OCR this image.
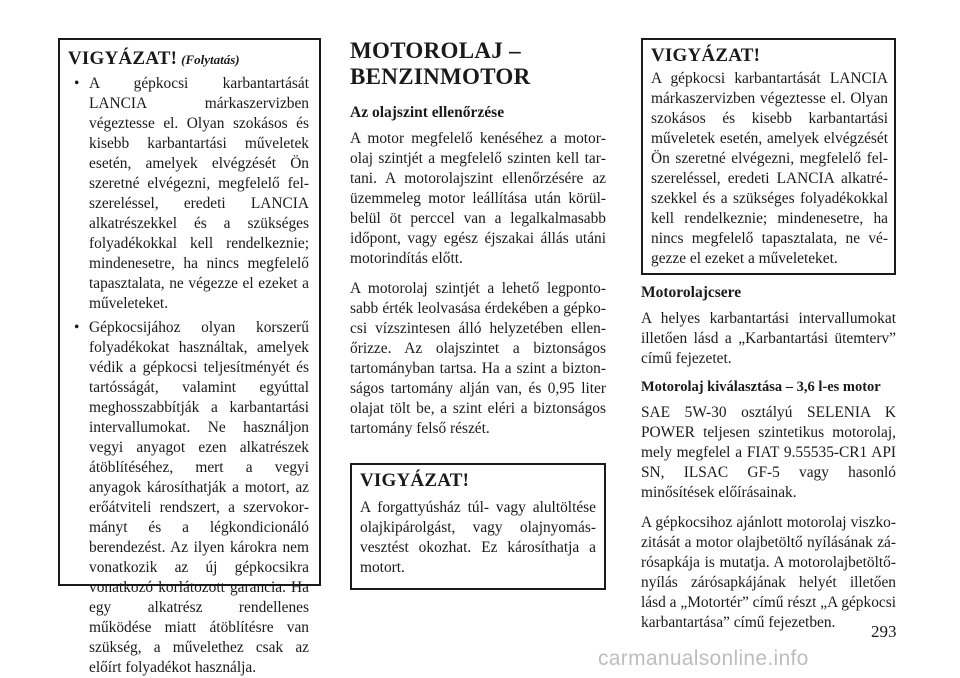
VIGYÁZAT! (Folytatás)
• A gépkocsi karbantartását LANCIA márkaszervizben végeztesse el. Olyan szokásos és kisebb karbantartási műveletek esetén, amelyek elvégzését Ön szeretné elvégezni, megfelelő felszereléssel, eredeti LANCIA alkatrészekkel és a szükséges folyadékokkal kell rendelkeznie; mindenesetre, ha nincs megfelelő tapasztalata, ne végezze el ezeket a műveleteket.
• Gépkocsijához olyan korszerű folyadékokat használtak, amelyek védik a gépkocsi teljesítményét és tartósságát, valamint egyúttal meghosszabbítják a karbantartási intervallumokat. Ne használjon vegyi anyagot ezen alkatrészek átöblítéséhez, mert a vegyi anyagok károsíthatják a motort, az erőátviteli rendszert, a szervokormányt és a légkondicionáló berendezést. Az ilyen károkra nem vonatkozik az új gépkocsikra vonatkozó korlátozott garancia. Ha egy alkatrész rendellenes működése miatt átöblítésre van szükség, a művelethez csak az előírt folyadékot használja.
MOTOROLAJ – BENZINMOTOR
Az olajszint ellenőrzése

A motor megfelelő kenéséhez a motorolaj szintjét a megfelelő szinten kell tartani. A motorolajszint ellenőrzésére az üzemmeleg motor leállítása után körülbelül öt perccel van a legalkalmasabb időpont, vagy egész éjszakai állás utáni motorindítás előtt.

A motorolaj szintjét a lehető legpontosabb érték leolvasása érdekében a gépkocsi vízszintesen álló helyzetében ellenőrizze. Az olajszintet a biztonságos tartományban tartsa. Ha a szint a biztonságos tartomány alján van, és 0,95 liter olajat tölt be, a szint eléri a biztonságos tartomány felső részét.

VIGYÁZAT!
A forgattyúsház túl- vagy alultöltése olajkipárolgást, vagy olajnyomásvesztést okozhat. Ez károsíthatja a motort.
VIGYÁZAT!
A gépkocsi karbantartását LANCIA márkaszervizben végeztesse el. Olyan szokásos és kisebb karbantartási műveletek esetén, amelyek elvégzését Ön szeretné elvégezni, megfelelő felszereléssel, eredeti LANCIA alkatrészekkel és a szükséges folyadékokkal kell rendelkeznie; mindenesetre, ha nincs megfelelő tapasztalata, ne végezze el ezeket a műveleteket.
Motorolajcsere

A helyes karbantartási intervallumokat illetően lásd a „Karbantartási ütemterv” című fejezetet.

Motorolaj kiválasztása – 3,6 l-es motor

SAE 5W-30 osztályú SELENIA K POWER teljesen szintetikus motorolaj, mely megfelel a FIAT 9.55535-CR1 API SN, ILSAC GF-5 vagy hasonló minősítések előírásainak.

A gépkocsihoz ajánlott motorolaj viszkozitását a motor olajbetöltő nyílásának zárósapkája is mutatja. A motorolajbetöltőnyílás zárósapkájának helyét illetően lásd a „Motortér” című részt „A gépkocsi karbantartása” című fejezetben.	293
carmanualsonline.info
